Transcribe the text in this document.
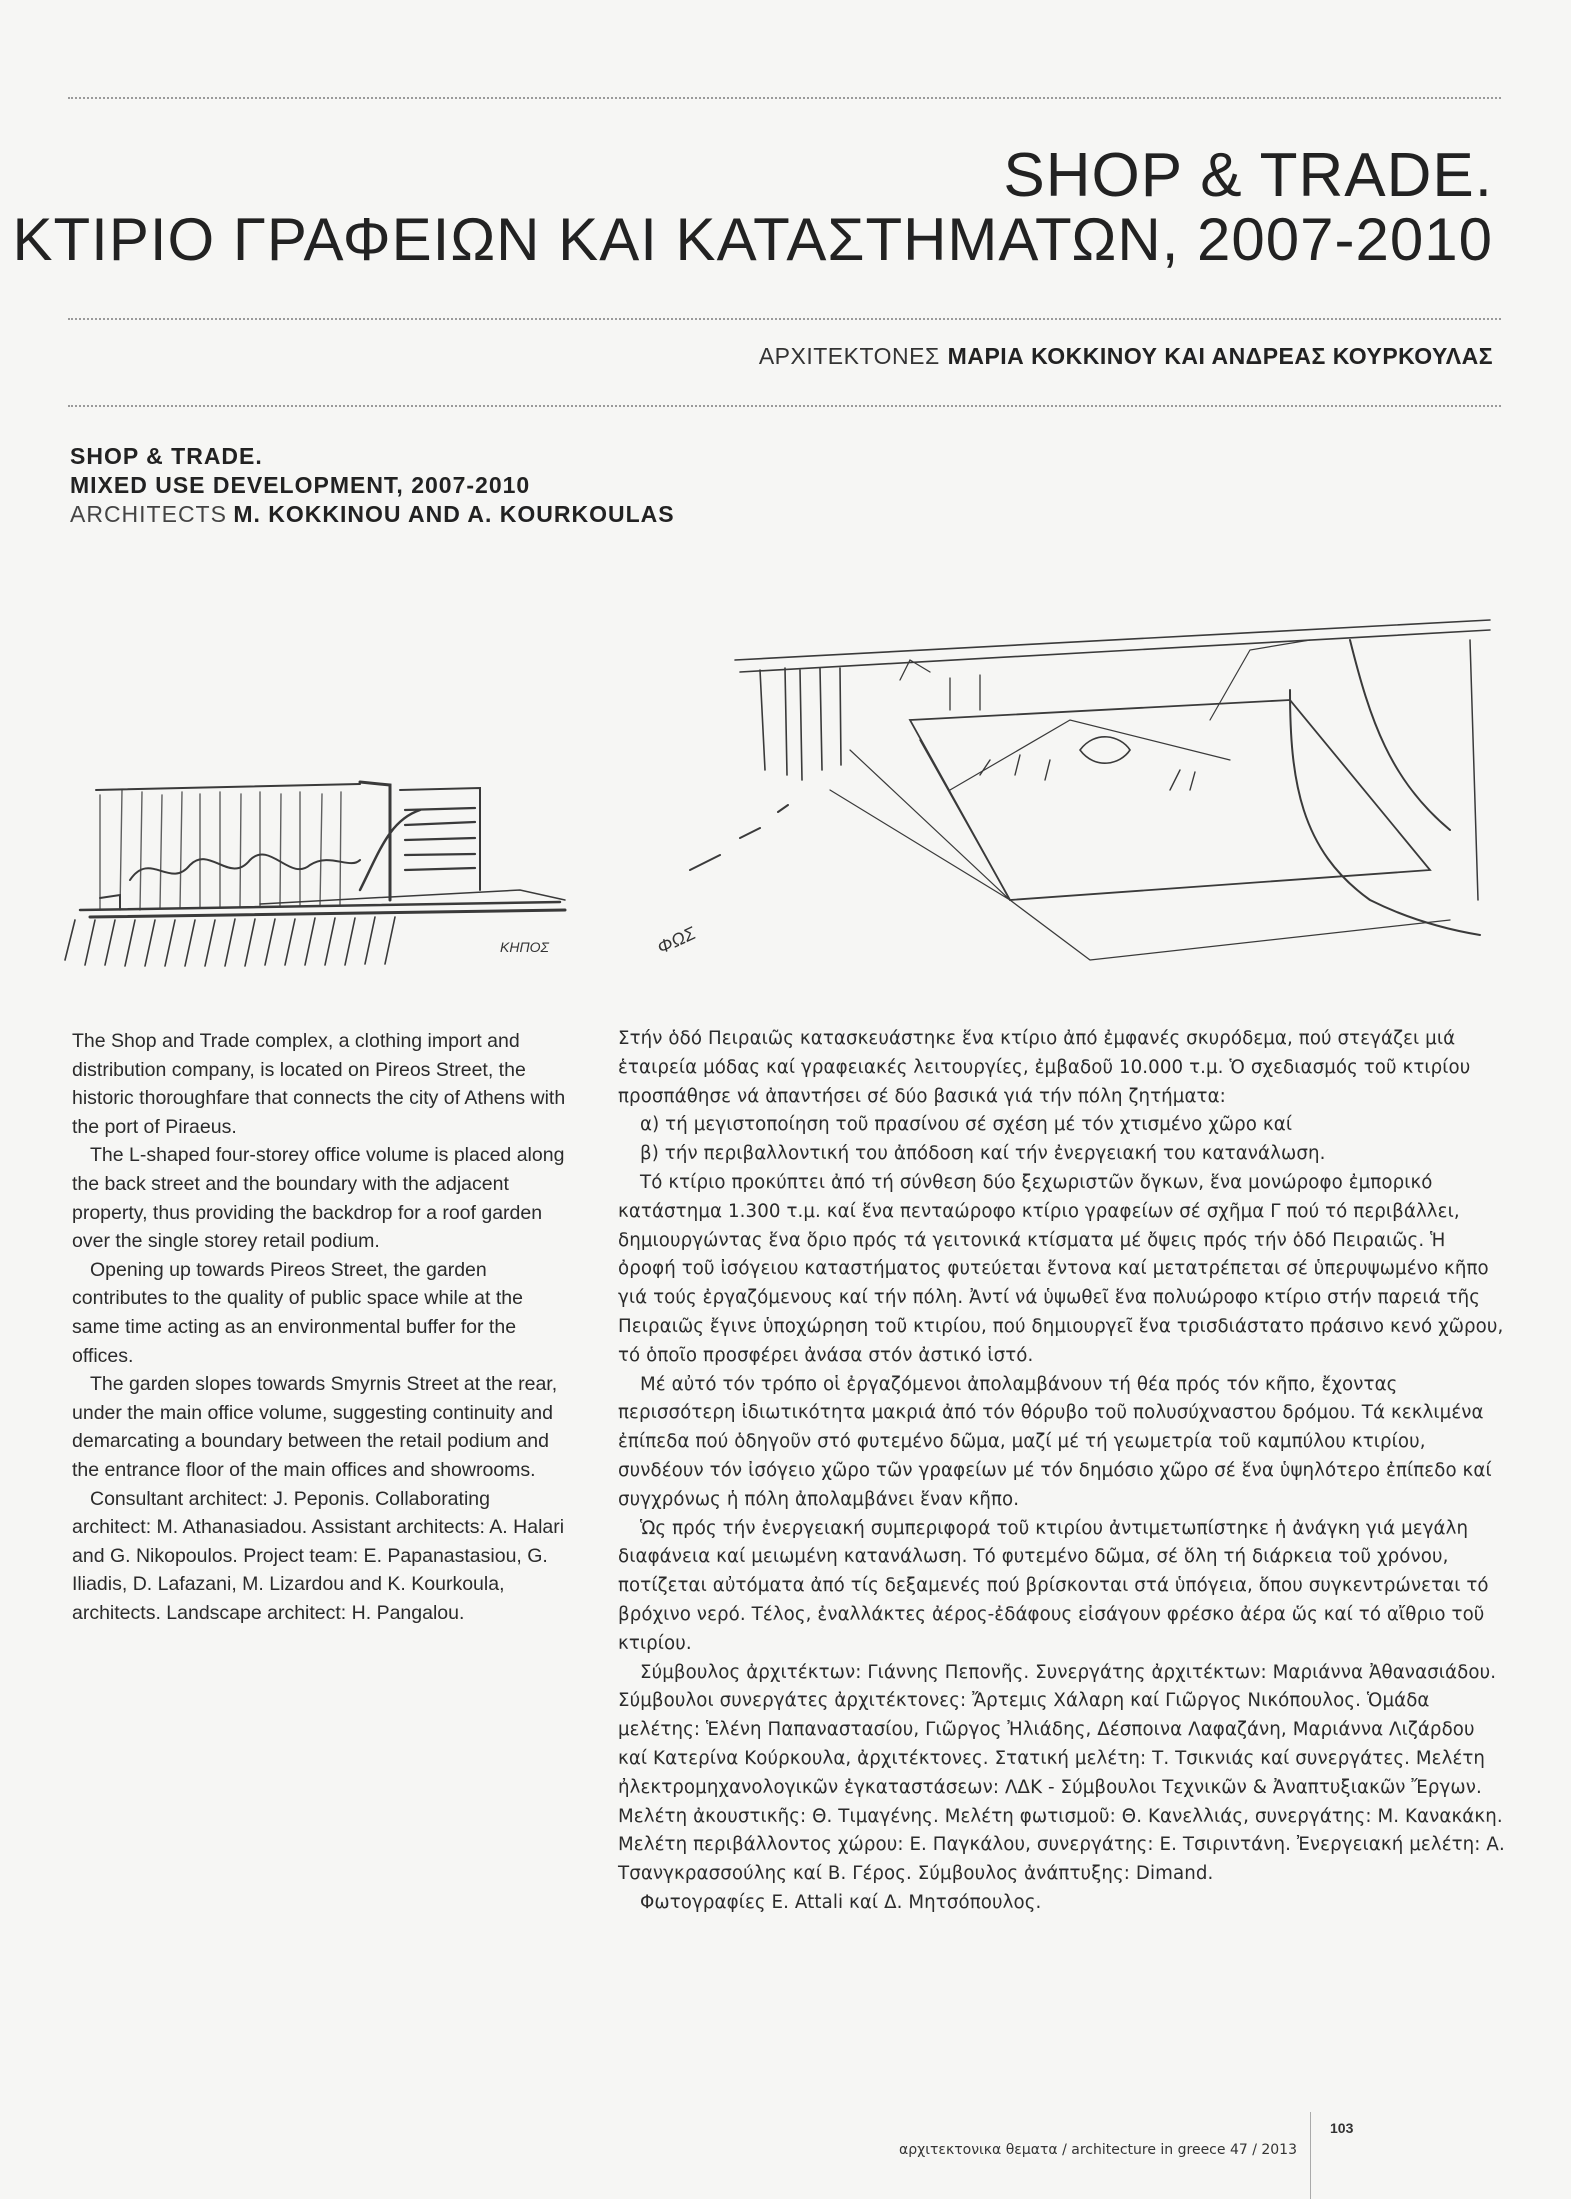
SHOP & TRADE.
ΚΤΙΡΙΟ ΓΡΑΦΕΙΩΝ ΚΑΙ ΚΑΤΑΣΤΗΜΑΤΩΝ, 2007-2010
ΑΡΧΙΤΕΚΤΟΝΕΣ ΜΑΡΙΑ ΚΟΚΚΙΝΟΥ ΚΑΙ ΑΝΔΡΕΑΣ ΚΟΥΡΚΟΥΛΑΣ
SHOP & TRADE.
MIXED USE DEVELOPMENT, 2007-2010
ARCHITECTS M. KOKKINOU AND A. KOURKOULAS
ΚΗΠΟΣ	ΦΩΣ

The Shop and Trade complex, a clothing import and distribution company, is located on Pireos Street, the historic thoroughfare that connects the city of Athens with the port of Piraeus.

The L-shaped four-storey office volume is placed along the back street and the boundary with the adjacent property, thus providing the backdrop for a roof garden over the single storey retail podium.

Opening up towards Pireos Street, the garden contributes to the quality of public space while at the same time acting as an environmental buffer for the offices.

The garden slopes towards Smyrnis Street at the rear, under the main office volume, suggesting continuity and demarcating a boundary between the retail podium and the entrance floor of the main offices and showrooms.

Consultant architect: J. Peponis. Collaborating architect: M. Athanasiadou. Assistant architects: A. Halari and G. Nikopoulos. Project team: E. Papanastasiou, G. Iliadis, D. Lafazani, M. Lizardou and K. Kourkoula, architects. Landscape architect: H. Pangalou.

Στήν ὁδό Πειραιῶς κατασκευάστηκε ἕνα κτίριο ἀπό ἐμφανές σκυρόδεμα, πού στεγάζει μιά ἑταιρεία μόδας καί γραφειακές λειτουργίες, ἐμβαδοῦ 10.000 τ.μ. Ὁ σχεδιασμός τοῦ κτιρίου προσπάθησε νά ἀπαντήσει σέ δύο βασικά γιά τήν πόλη ζητήματα:

α) τή μεγιστοποίηση τοῦ πρασίνου σέ σχέση μέ τόν χτισμένο χῶρο καί

β) τήν περιβαλλοντική του ἀπόδοση καί τήν ἐνεργειακή του κατανάλωση.

Τό κτίριο προκύπτει ἀπό τή σύνθεση δύο ξεχωριστῶν ὄγκων, ἕνα μονώροφο ἐμπορικό κατάστημα 1.300 τ.μ. καί ἕνα πενταώροφο κτίριο γραφείων σέ σχῆμα Γ πού τό περιβάλλει, δημιουργώντας ἕνα ὅριο πρός τά γειτονικά κτίσματα μέ ὄψεις πρός τήν ὁδό Πειραιῶς. Ἡ ὀροφή τοῦ ἰσόγειου καταστήματος φυτεύεται ἔντονα καί μετατρέπεται σέ ὑπερυψωμένο κῆπο γιά τούς ἐργαζόμενους καί τήν πόλη. Ἀντί νά ὑψωθεῖ ἕνα πολυώροφο κτίριο στήν παρειά τῆς Πειραιῶς ἔγινε ὑποχώρηση τοῦ κτιρίου, πού δημιουργεῖ ἕνα τρισδιάστατο πράσινο κενό χῶρου, τό ὁποῖο προσφέρει ἀνάσα στόν ἀστικό ἱστό.

Μέ αὐτό τόν τρόπο οἱ ἐργαζόμενοι ἀπολαμβάνουν τή θέα πρός τόν κῆπο, ἔχοντας περισσότερη ἰδιωτικότητα μακριά ἀπό τόν θόρυβο τοῦ πολυσύχναστου δρόμου. Τά κεκλιμένα ἐπίπεδα πού ὁδηγοῦν στό φυτεμένο δῶμα, μαζί μέ τή γεωμετρία τοῦ καμπύλου κτιρίου, συνδέουν τόν ἰσόγειο χῶρο τῶν γραφείων μέ τόν δημόσιο χῶρο σέ ἕνα ὑψηλότερο ἐπίπεδο καί συγχρόνως ἡ πόλη ἀπολαμβάνει ἕναν κῆπο.

Ὡς πρός τήν ἐνεργειακή συμπεριφορά τοῦ κτιρίου ἀντιμετωπίστηκε ἡ ἀνάγκη γιά μεγάλη διαφάνεια καί μειωμένη κατανάλωση. Τό φυτεμένο δῶμα, σέ ὅλη τή διάρκεια τοῦ χρόνου, ποτίζεται αὐτόματα ἀπό τίς δεξαμενές πού βρίσκονται στά ὑπόγεια, ὅπου συγκεντρώνεται τό βρόχινο νερό. Τέλος, ἐναλλάκτες ἀέρος-ἐδάφους εἰσάγουν φρέσκο ἀέρα ὥς καί τό αἴθριο τοῦ κτιρίου.

Σύμβουλος ἀρχιτέκτων: Γιάννης Πεπονῆς. Συνεργάτης ἀρχιτέκτων: Μαριάννα Ἀθανασιάδου. Σύμβουλοι συνεργάτες ἀρχιτέκτονες: Ἄρτεμις Χάλαρη καί Γιῶργος Νικόπουλος. Ὁμάδα μελέτης: Ἑλένη Παπαναστασίου, Γιῶργος Ἠλιάδης, Δέσποινα Λαφαζάνη, Μαριάννα Λιζάρδου καί Κατερίνα Κούρκουλα, ἀρχιτέκτονες. Στατική μελέτη: Τ. Τσικνιάς καί συνεργάτες. Μελέτη ἠλεκτρομηχανολογικῶν ἐγκαταστάσεων: ΛΔΚ - Σύμβουλοι Τεχνικῶν & Ἀναπτυξιακῶν Ἔργων. Μελέτη ἀκουστικῆς: Θ. Τιμαγένης. Μελέτη φωτισμοῦ: Θ. Κανελλιάς, συνεργάτης: Μ. Κανακάκη. Μελέτη περιβάλλοντος χώρου: Ε. Παγκάλου, συνεργάτης: Ε. Τσιριντάνη. Ἐνεργειακή μελέτη: Α. Τσανγκρασσούλης καί Β. Γέρος. Σύμβουλος ἀνάπτυξης: Dimand.

Φωτογραφίες Ε. Attali καί Δ. Μητσόπουλος.

αρχιτεκτονικα θεματα / architecture in greece 47 / 2013
103
